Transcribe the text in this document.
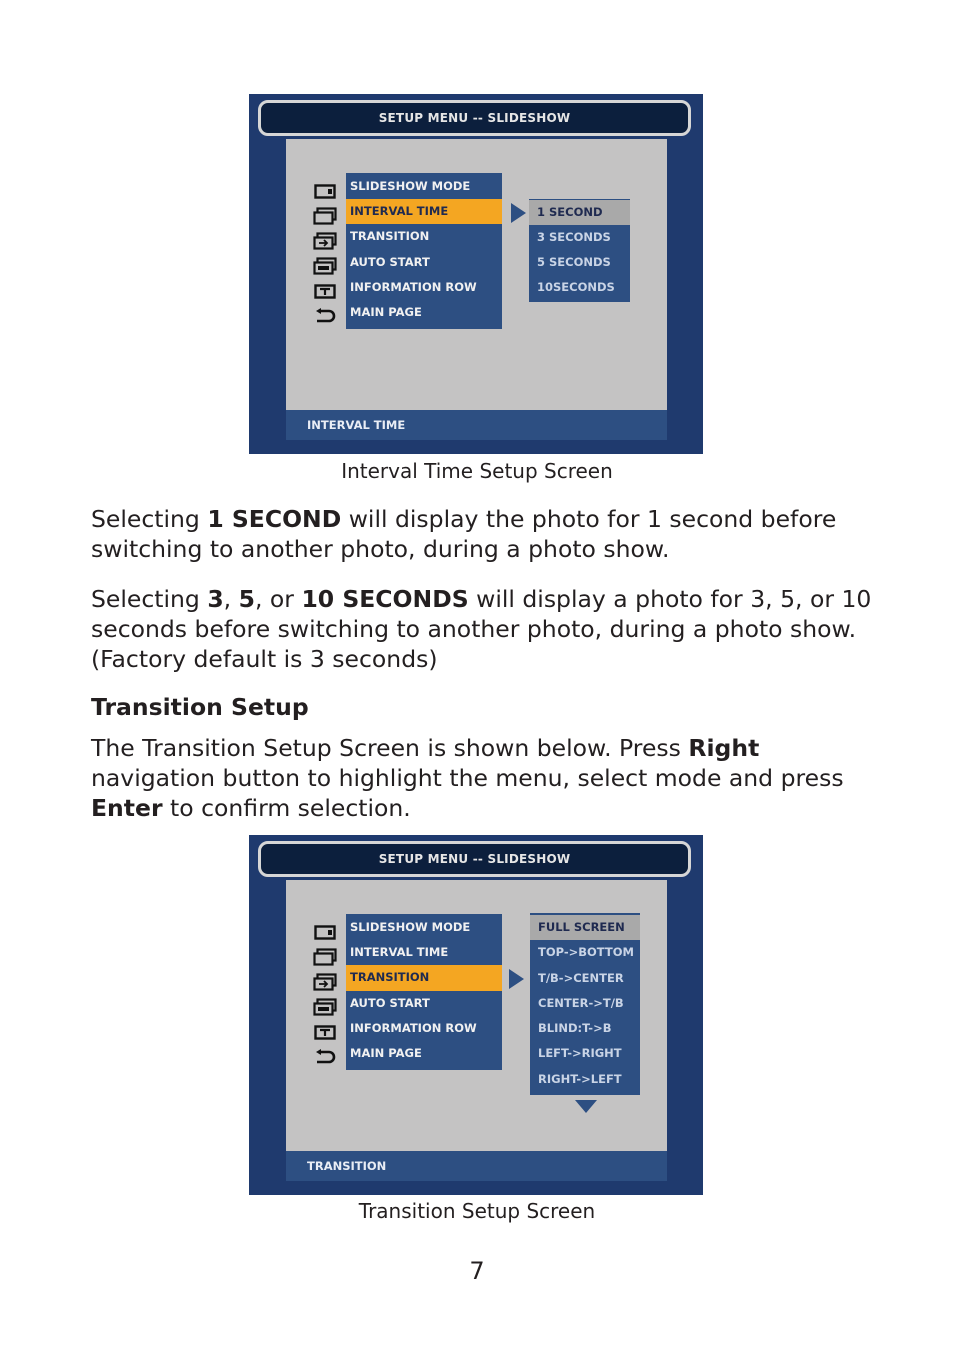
SETUP MENU -- SLIDESHOW
SLIDESHOW MODE
INTERVAL TIME
TRANSITION
AUTO START
INFORMATION ROW
MAIN PAGE
1 SECOND
3 SECONDS
5 SECONDS
10SECONDS
INTERVAL TIME
Interval Time Setup Screen

Selecting 1 SECOND will display the photo for 1 second before switching to another photo, during a photo show.

Selecting 3, 5, or 10 SECONDS will display a photo for 3, 5, or 10 seconds before switching to another photo, during a photo show. (Factory default is 3 seconds)

Transition Setup

The Transition Setup Screen is shown below. Press Right navigation button to highlight the menu, select mode and press Enter to confirm selection.

SETUP MENU -- SLIDESHOW
SLIDESHOW MODE
INTERVAL TIME
TRANSITION
AUTO START
INFORMATION ROW
MAIN PAGE
FULL SCREEN
TOP->BOTTOM
T/B->CENTER
CENTER->T/B
BLIND:T->B
LEFT->RIGHT
RIGHT->LEFT
TRANSITION
Transition Setup Screen
7
